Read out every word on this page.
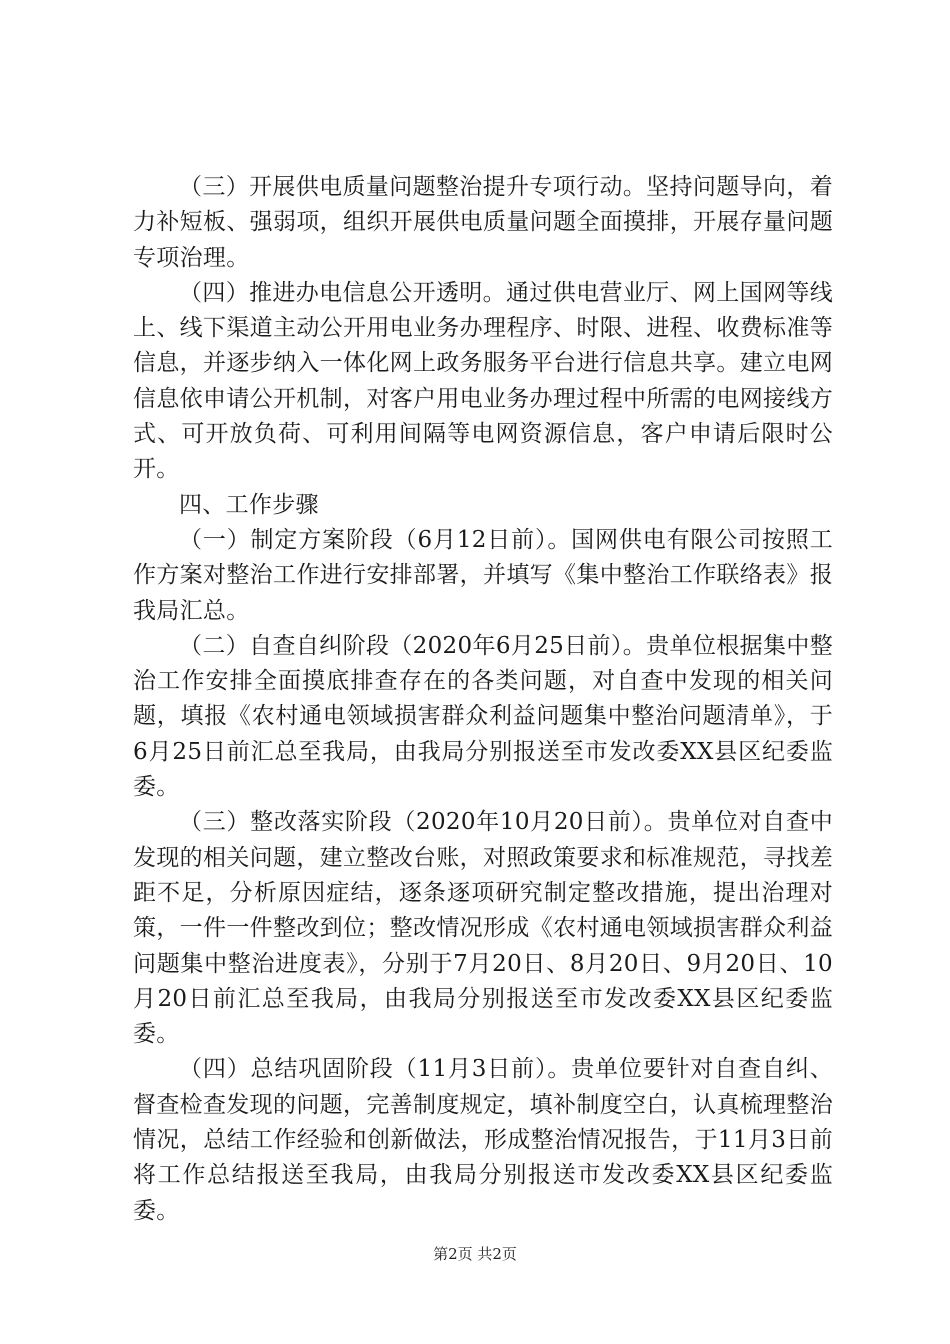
（三）开展供电质量问题整治提升专项行动。坚持问题导向，着力补短板、强弱项，组织开展供电质量问题全面摸排，开展存量问题专项治理。

（四）推进办电信息公开透明。通过供电营业厅、网上国网等线上、线下渠道主动公开用电业务办理程序、时限、进程、收费标准等信息，并逐步纳入一体化网上政务服务平台进行信息共享。建立电网信息依申请公开机制，对客户用电业务办理过程中所需的电网接线方式、可开放负荷、可利用间隔等电网资源信息，客户申请后限时公开。

四、工作步骤

（一）制定方案阶段（6月12日前）。国网供电有限公司按照工作方案对整治工作进行安排部署，并填写《集中整治工作联络表》报我局汇总。

（二）自查自纠阶段（2020年6月25日前）。贵单位根据集中整治工作安排全面摸底排查存在的各类问题，对自查中发现的相关问题，填报《农村通电领域损害群众利益问题集中整治问题清单》，于6月25日前汇总至我局，由我局分别报送至市发改委XX县区纪委监委。

（三）整改落实阶段（2020年10月20日前）。贵单位对自查中发现的相关问题，建立整改台账，对照政策要求和标准规范，寻找差距不足，分析原因症结，逐条逐项研究制定整改措施，提出治理对策，一件一件整改到位；整改情况形成《农村通电领域损害群众利益问题集中整治进度表》，分别于7月20日、8月20日、9月20日、10月20日前汇总至我局，由我局分别报送至市发改委XX县区纪委监委。

（四）总结巩固阶段（11月3日前）。贵单位要针对自查自纠、督查检查发现的问题，完善制度规定，填补制度空白，认真梳理整治情况，总结工作经验和创新做法，形成整治情况报告，于11月3日前将工作总结报送至我局，由我局分别报送市发改委XX县区纪委监委。

第2页 共2页
